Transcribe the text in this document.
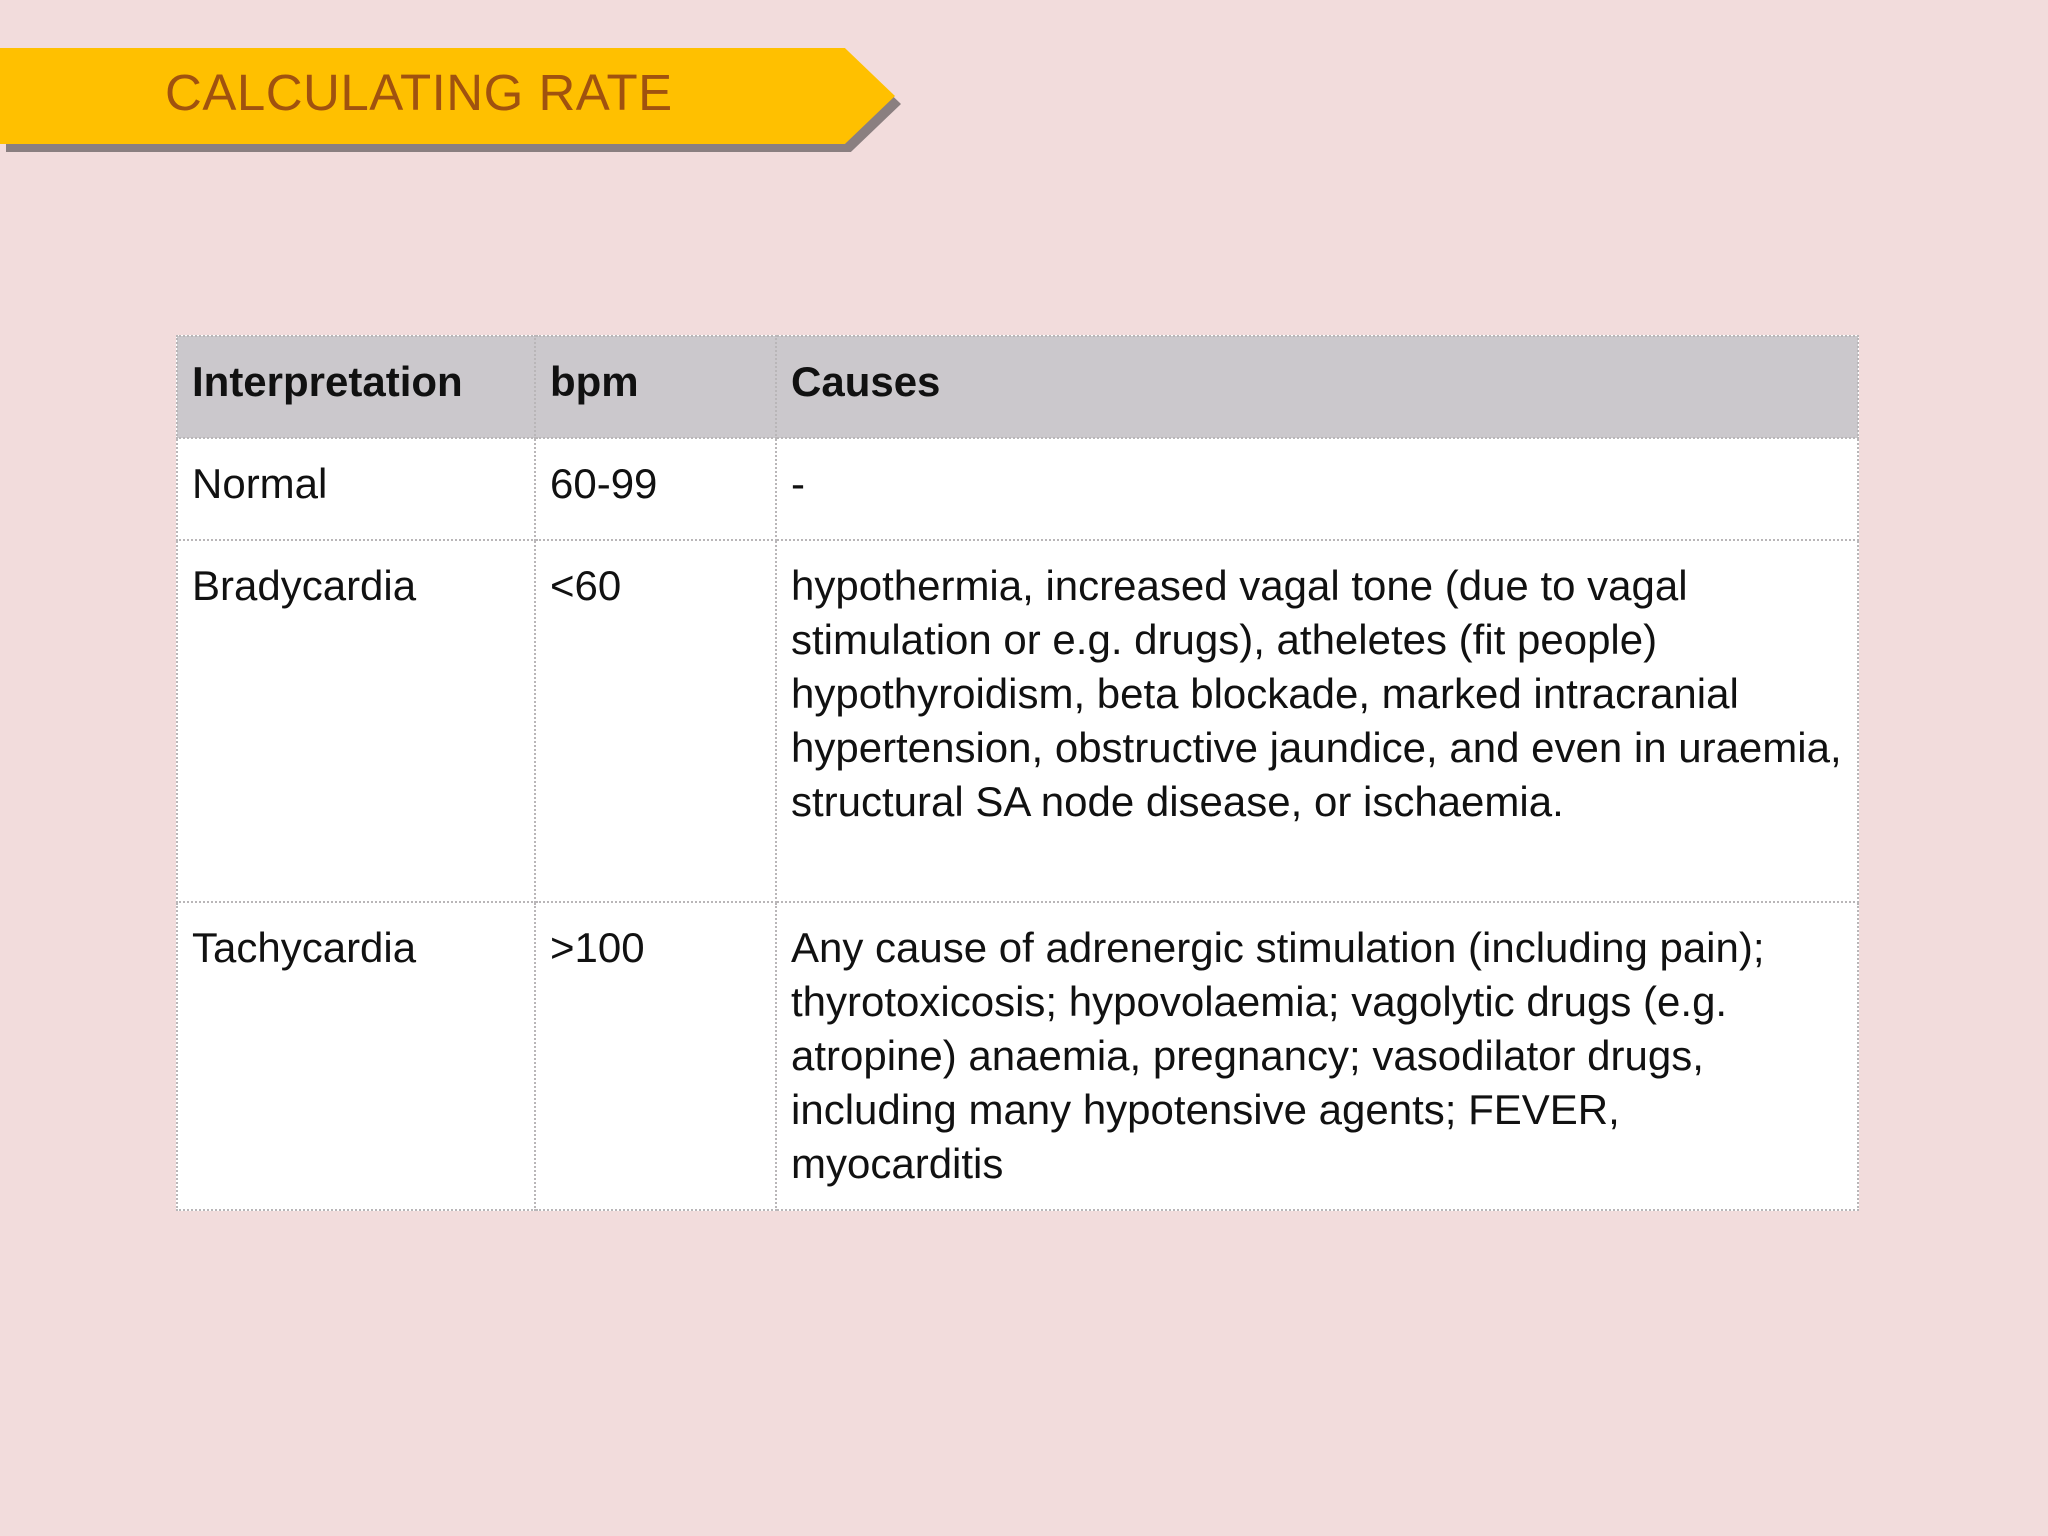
CALCULATING RATE
Interpretation	bpm	Causes
Normal	60-99	-
Bradycardia	<60	hypothermia, increased vagal tone (due to vagal stimulation or e.g. drugs), atheletes (fit people) hypothyroidism, beta blockade, marked intracranial hypertension, obstructive jaundice, and even in uraemia, structural SA node disease, or ischaemia.
Tachycardia	>100	Any cause of adrenergic stimulation (including pain); thyrotoxicosis; hypovolaemia; vagolytic drugs (e.g. atropine) anaemia, pregnancy; vasodilator drugs, including many hypotensive agents; FEVER, myocarditis
